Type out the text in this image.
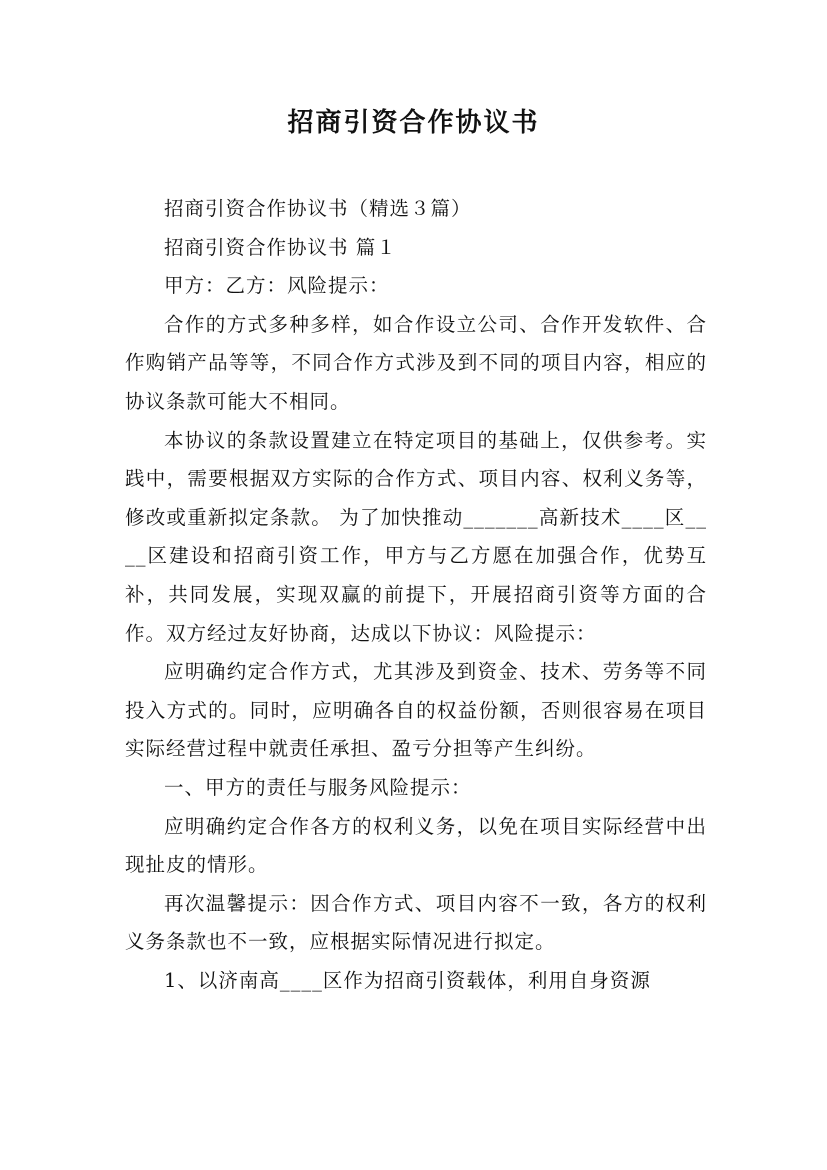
招商引资合作协议书

招商引资合作协议书（精选３篇）

招商引资合作协议书 篇１

甲方：乙方：风险提示：

合作的方式多种多样，如合作设立公司、合作开发软件、合作购销产品等等，不同合作方式涉及到不同的项目内容，相应的协议条款可能大不相同。

本协议的条款设置建立在特定项目的基础上，仅供参考。实践中，需要根据双方实际的合作方式、项目内容、权利义务等，修改或重新拟定条款。 为了加快推动_______高新技术____区____区建设和招商引资工作，甲方与乙方愿在加强合作，优势互补，共同发展，实现双赢的前提下，开展招商引资等方面的合作。双方经过友好协商，达成以下协议：风险提示：

应明确约定合作方式，尤其涉及到资金、技术、劳务等不同投入方式的。同时，应明确各自的权益份额，否则很容易在项目实际经营过程中就责任承担、盈亏分担等产生纠纷。

一、甲方的责任与服务风险提示：

应明确约定合作各方的权利义务，以免在项目实际经营中出现扯皮的情形。

再次温馨提示：因合作方式、项目内容不一致，各方的权利义务条款也不一致，应根据实际情况进行拟定。

1、以济南高____区作为招商引资载体，利用自身资源
